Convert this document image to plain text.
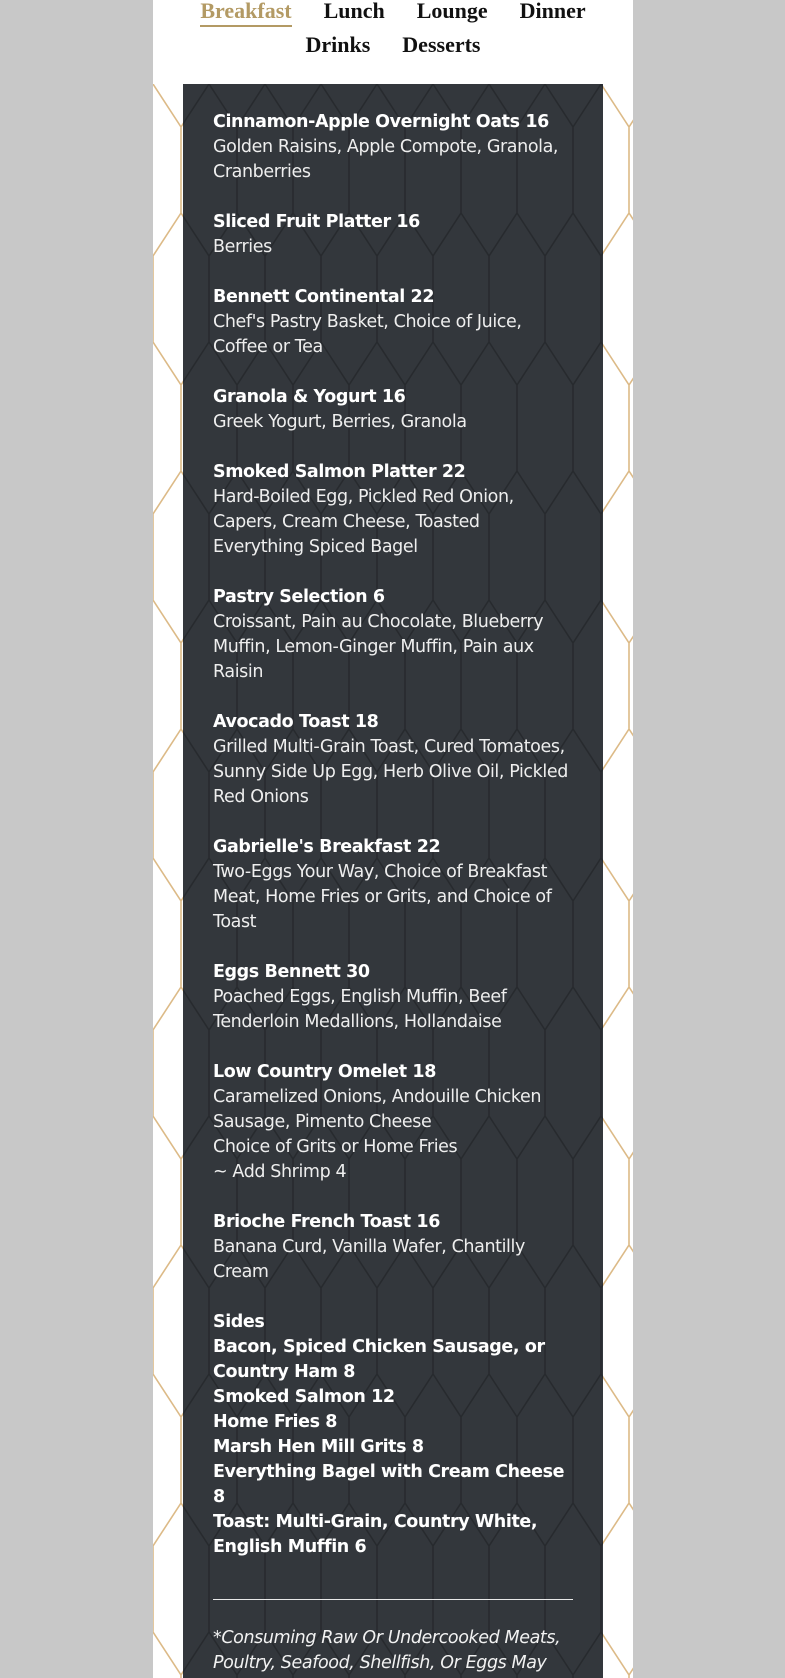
Breakfast Lunch Lounge Dinner
Drinks Desserts
Cinnamon-Apple Overnight Oats 16
Golden Raisins, Apple Compote, Granola, Cranberries
Sliced Fruit Platter 16
Berries
Bennett Continental 22
Chef's Pastry Basket, Choice of Juice, Coffee or Tea
Granola & Yogurt 16
Greek Yogurt, Berries, Granola
Smoked Salmon Platter 22
Hard-Boiled Egg, Pickled Red Onion, Capers, Cream Cheese, Toasted Everything Spiced Bagel
Pastry Selection 6
Croissant, Pain au Chocolate, Blueberry Muffin, Lemon-Ginger Muffin, Pain aux Raisin
Avocado Toast 18
Grilled Multi-Grain Toast, Cured Tomatoes, Sunny Side Up Egg, Herb Olive Oil, Pickled Red Onions
Gabrielle's Breakfast 22
Two-Eggs Your Way, Choice of Breakfast Meat, Home Fries or Grits, and Choice of Toast
Eggs Bennett 30
Poached Eggs, English Muffin, Beef Tenderloin Medallions, Hollandaise
Low Country Omelet 18
Caramelized Onions, Andouille Chicken Sausage, Pimento Cheese
Choice of Grits or Home Fries
~ Add Shrimp 4
Brioche French Toast 16
Banana Curd, Vanilla Wafer, Chantilly Cream
Sides
Bacon, Spiced Chicken Sausage, or Country Ham 8
Smoked Salmon 12
Home Fries 8
Marsh Hen Mill Grits 8
Everything Bagel with Cream Cheese 8
Toast: Multi-Grain, Country White, English Muffin 6
*Consuming Raw Or Undercooked Meats, Poultry, Seafood, Shellfish, Or Eggs May
